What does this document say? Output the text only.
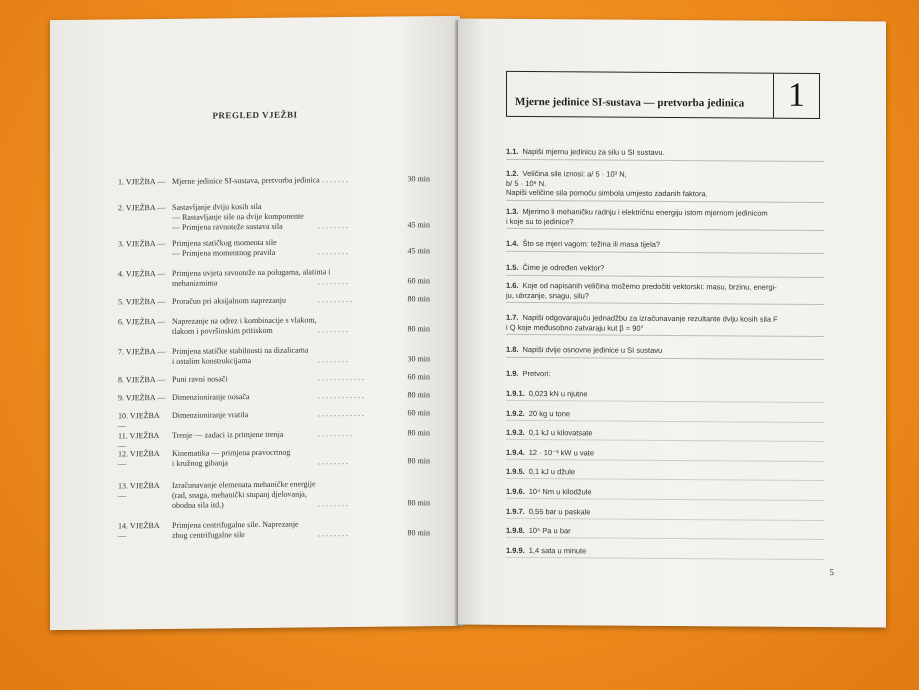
PREGLED VJEŽBI
1. VJEŽBA — Mjerne jedinice SI-sustava, pretvorba jedinica
. . . . . . . .	30 min
2. VJEŽBA — Sastavljanje dviju kosih sila
— Rastavljanje sile na dvije komponente
— Primjena ravnoteže sustava sila	. . . . . . . .	45 min
3. VJEŽBA — Primjena statičkog momenta sile
— Primjena momentnog pravila	. . . . . . . .	45 min
4. VJEŽBA — Primjena uvjeta ravnoteže na polugama, alatima i
mehanizmima	. . . . . . . .	60 min
5. VJEŽBA — Proračun pri aksijalnom naprezanju	. . . . . . . . .	80 min
6. VJEŽBA — Naprezanje na odrez i kombinacije s vlakom,
tlakom i površinskim pritiskom	. . . . . . . .	80 min
7. VJEŽBA — Primjena statičke stabilnosti na dizalicama
i ostalim konstrukcijama	. . . . . . . .	30 min
8. VJEŽBA — Puni ravni nosači	. . . . . . . . . . . .	60 min
9. VJEŽBA — Dimenzioniranje nosača	. . . . . . . . . . . .	80 min
10. VJEŽBA —
Dimenzioniranje vratila	. . . . . . . . . . . .	60 min
11. VJEŽBA —
Trenje — zadaci iz primjene trenja	. . . . . . . . .	80 min
12. VJEŽBA —
Kinematika — primjena pravocrtnog
i kružnog gibanja	. . . . . . . .	80 min
13. VJEŽBA —
Izračunavanje elemenata mehaničke energije
(rad, snaga, mehanički stupanj djelovanja,
obodna sila itd.)	. . . . . . . .	80 min
14. VJEŽBA —
Primjena centrifugalne sile. Naprezanje
zbog centrifugalne sile	. . . . . . . .	80 min
Mjerne jedinice SI-sustava — pretvorba jedinica	1
1.1. Napiši mjernu jedinicu za silu u SI sustavu.
1.2. Veličina sile iznosi: a/ 5 · 10³ N,
b/ 5 · 10⁶ N.
Napiši veličine sila pomoću simbola umjesto zadanih faktora.
1.3. Mjerimo li mehaničku radnju i električnu energiju istom mjernom jedinicom
i koje su to jedinice?
1.4. Što se mjeri vagom: težina ili masa tijela?
1.5. Čime je određen vektor?
1.6. Koje od napisanih veličina možemo predočiti vektorski: masu, brzinu, energi-
ju, ubrzanje, snagu, silu?
1.7. Napiši odgovarajuću jednadžbu za izračunavanje rezultante dviju kosih sila F
i Q koje međusobno zatvaraju kut β = 90°
1.8. Napiši dvije osnovne jedinice u SI sustavu
1.9. Pretvori:
1.9.1. 0,023 kN u njutne
1.9.2. 20 kg u tone
1.9.3. 0,1 kJ u kilovatsate
1.9.4. 12 · 10⁻³ kW u vate
1.9.5. 0,1 kJ u džule
1.9.6. 10⁴ Nm u kilodžule
1.9.7. 0,55 bar u paskale
1.9.8. 10⁵ Pa u bar
1.9.9. 1,4 sata u minute
5
